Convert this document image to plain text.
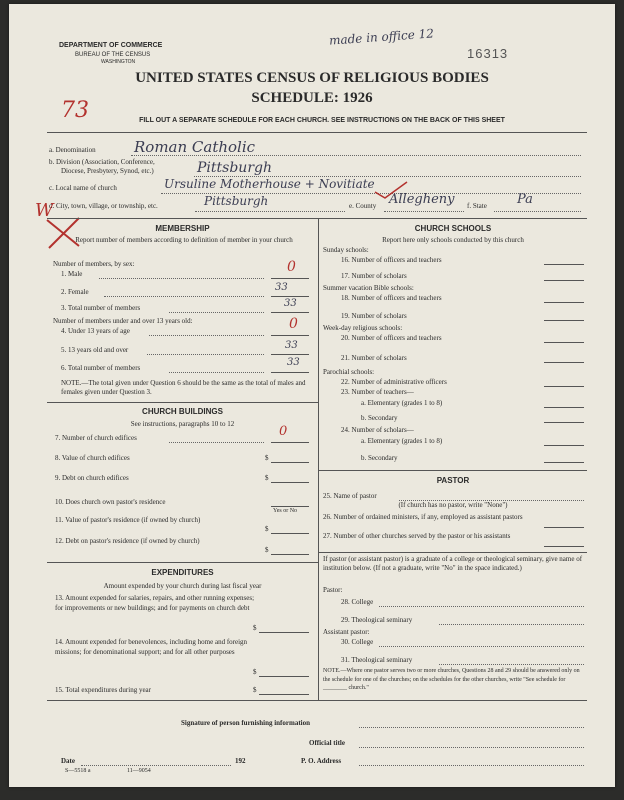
DEPARTMENT OF COMMERCE
BUREAU OF THE CENSUS
WASHINGTON
made in office 12
16313
UNITED STATES CENSUS OF RELIGIOUS BODIES
SCHEDULE: 1926
73	FILL OUT A SEPARATE SCHEDULE FOR EACH CHURCH. SEE INSTRUCTIONS ON THE BACK OF THIS SHEET
a. Denomination	Roman Catholic
b. Division (Association, Conference,
Diocese, Presbytery, Synod, etc.)	Pittsburgh
c. Local name of church	Ursuline Motherhouse + Novitiate
d. City, town, village, or township, etc.	Pittsburgh	e. County Allegheny f. State Pa
W
MEMBERSHIP
Report number of members according to definition of member in your church
Number of members, by sex:
1. Male	0
2. Female	33
3. Total number of members	33
Number of members under and over 13 years old:
4. Under 13 years of age	0
5. 13 years old and over	33
6. Total number of members	33
NOTE.—The total given under Question 6 should be the same as the total of males and females given under Question 3.
CHURCH BUILDINGS
See instructions, paragraphs 10 to 12
7. Number of church edifices	0
8. Value of church edifices	$
9. Debt on church edifices	$
10. Does church own pastor's residence
Yes or No
11. Value of pastor's residence (if owned by church)
$
12. Debt on pastor's residence (if owned by church)
$
EXPENDITURES
Amount expended by your church during last fiscal year
13. Amount expended for salaries, repairs, and other running expenses; for improvements or new buildings; and for payments on church debt
$
14. Amount expended for benevolences, including home and foreign missions; for denominational support; and for all other purposes
$
15. Total expenditures during year	$
CHURCH SCHOOLS
Report here only schools conducted by this church
Sunday schools:
16. Number of officers and teachers
17. Number of scholars
Summer vacation Bible schools:
18. Number of officers and teachers
19. Number of scholars
Week-day religious schools:
20. Number of officers and teachers
21. Number of scholars
Parochial schools:
22. Number of administrative officers
23. Number of teachers—
a. Elementary (grades 1 to 8)
b. Secondary
24. Number of scholars—
a. Elementary (grades 1 to 8)
b. Secondary
PASTOR
25. Name of pastor
(If church has no pastor, write "None")
26. Number of ordained ministers, if any, employed as assistant pastors
27. Number of other churches served by the pastor or his assistants
If pastor (or assistant pastor) is a graduate of a college or theological seminary, give name of institution below. (If not a graduate, write "No" in the space indicated.)
Pastor:
28. College
29. Theological seminary
Assistant pastor:
30. College
31. Theological seminary
NOTE.—Where one pastor serves two or more churches, Questions 28 and 29 should be answered only on the schedule for one of the churches; on the schedules for the other churches, write "See schedule for ________ church."
Signature of person furnishing information
Official title
Date	192	P. O. Address
S—5518 a	11—9054
